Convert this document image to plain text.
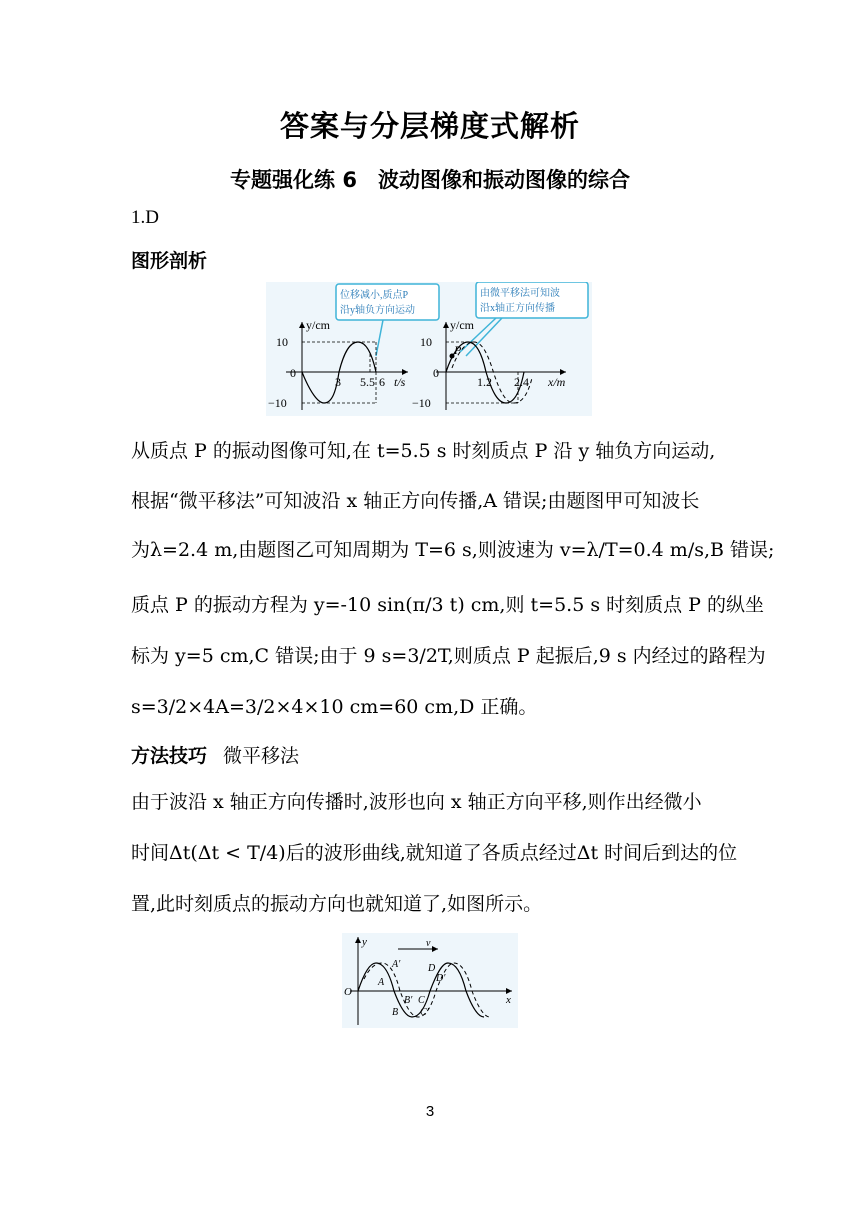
答案与分层梯度式解析
专题强化练 6　波动图像和振动图像的综合
1.D
图形剖析
位移减小,质点P
沿y轴负方向运动
由微平移法可知波
沿x轴正方向传播
y/cm
10
0
−10
3 5.5 6 t/s
P
y/cm
10
0
−10
1.2 2.4 x/m
从质点 P 的振动图像可知,在 t=5.5 s 时刻质点 P 沿 y 轴负方向运动,
根据“微平移法”可知波沿 x 轴正方向传播,A 错误;由题图甲可知波长
为λ=2.4 m,由题图乙可知周期为 T=6 s,则波速为 v=λ/T=0.4 m/s,B 错误;
质点 P 的振动方程为 y=-10 sin(π/3 t) cm,则 t=5.5 s 时刻质点 P 的纵坐
标为 y=5 cm,C 错误;由于 9 s=3/2T,则质点 P 起振后,9 s 内经过的路程为
s=3/2×4A=3/2×4×10 cm=60 cm,D 正确。
方法技巧 微平移法
由于波沿 x 轴正方向传播时,波形也向 x 轴正方向平移,则作出经微小
时间Δt(Δt < T/4)后的波形曲线,就知道了各质点经过Δt 时间后到达的位
置,此时刻质点的振动方向也就知道了,如图所示。
y
x
O
v
A′
A
B′
B
C
C′
D
D′
3
